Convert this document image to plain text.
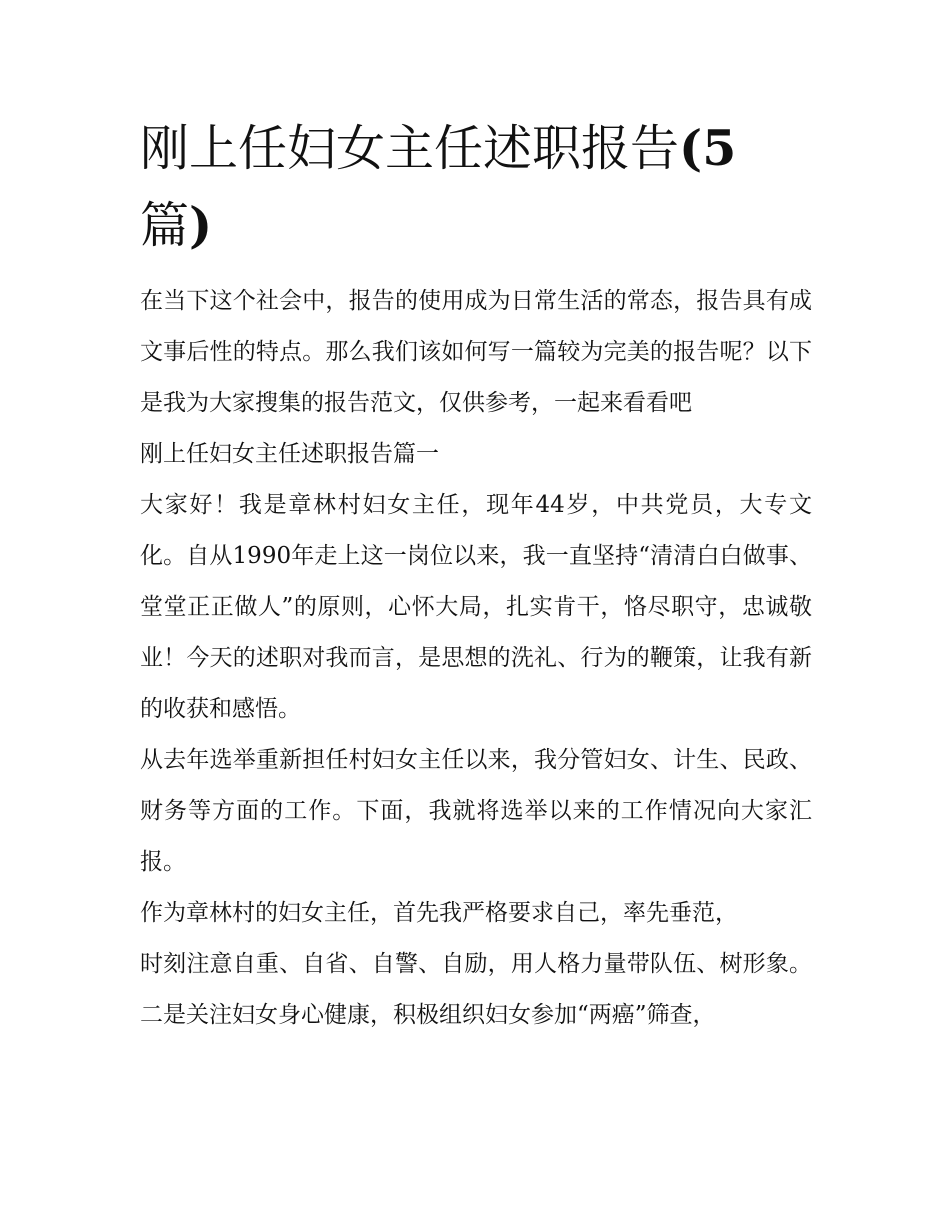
刚上任妇女主任述职报告(5
篇)

在当下这个社会中，报告的使用成为日常生活的常态，报告具有成文事后性的特点。那么我们该如何写一篇较为完美的报告呢？以下是我为大家搜集的报告范文，仅供参考，一起来看看吧

刚上任妇女主任述职报告篇一

大家好！我是章林村妇女主任，现年44岁，中共党员，大专文化。自从1990年走上这一岗位以来，我一直坚持“清清白白做事、堂堂正正做人”的原则，心怀大局，扎实肯干，恪尽职守，忠诚敬业！今天的述职对我而言，是思想的洗礼、行为的鞭策，让我有新的收获和感悟。

从去年选举重新担任村妇女主任以来，我分管妇女、计生、民政、财务等方面的工作。下面，我就将选举以来的工作情况向大家汇报。

作为章林村的妇女主任，首先我严格要求自己，率先垂范，

时刻注意自重、自省、自警、自励，用人格力量带队伍、树形象。二是关注妇女身心健康，积极组织妇女参加“两癌”筛查，
